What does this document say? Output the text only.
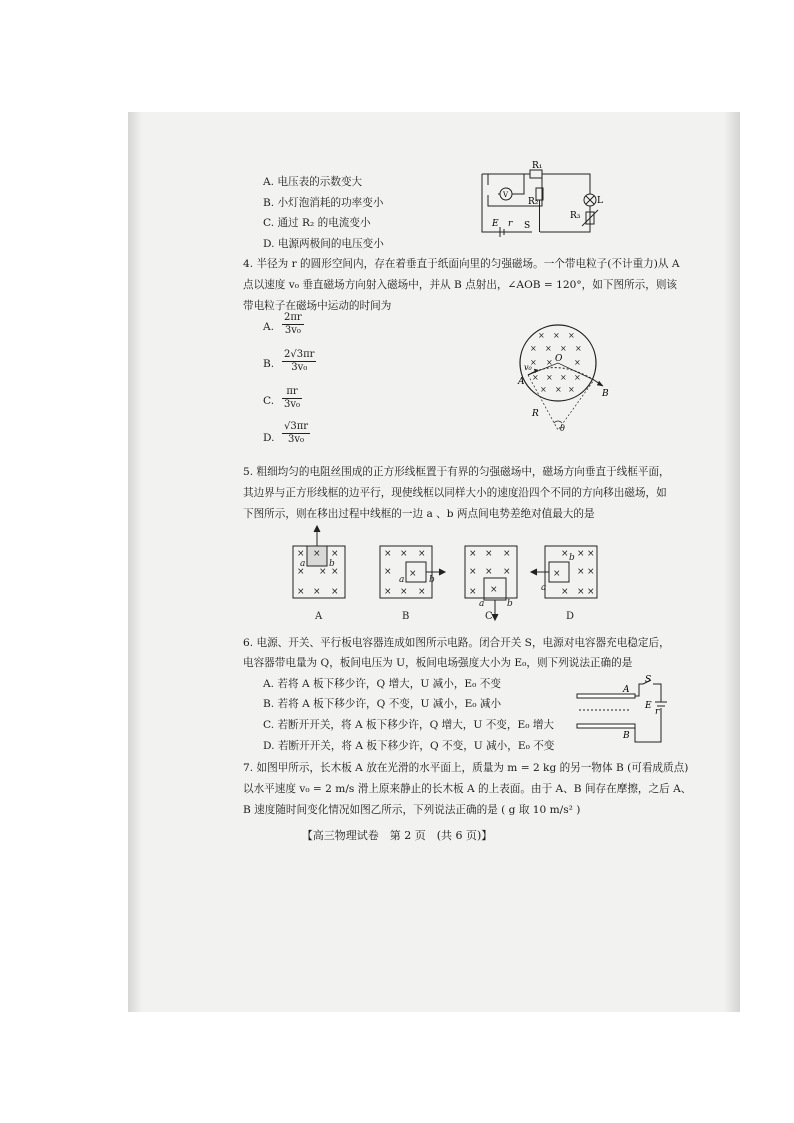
A. 电压表的示数变大
B. 小灯泡消耗的功率变小
C. 通过 R₂ 的电流变小
D. 电源两极间的电压变小
R₁
V
L
R₂
R₃
E r S
4. 半径为 r 的圆形空间内，存在着垂直于纸面向里的匀强磁场。一个带电粒子(不计重力)从 A
点以速度 v₀ 垂直磁场方向射入磁场中，并从 B 点射出，∠AOB = 120°，如下图所示，则该
带电粒子在磁场中运动的时间为
A. $\frac{2\pi r}{\text{3v₀}}$
B. $\frac{2√3\pi r}{\text{3v₀}}$
C. $\frac{\pi r}{\text{3v₀}}$
D. $\frac{√3\pi r}{\text{3v₀}}$
× × ×
× × × ×
× ×	×
× × × ×
× × ×
O
A
B
v₀
R
θ
5. 粗细均匀的电阻丝围成的正方形线框置于有界的匀强磁场中，磁场方向垂直于线框平面，
其边界与正方形线框的边平行，现使线框以同样大小的速度沿四个不同的方向移出磁场，如
下图所示，则在移出过程中线框的一边 a 、b 两点间电势差绝对值最大的是
× × ×
× × ×
× × ×
× × ×
× ×
× × ×
× × ×
× × ×
× ×
× × ×
× × ×
× × ×
a	b
a	b
a	b
a
b
A	B	C	D
6. 电源、开关、平行板电容器连成如图所示电路。闭合开关 S，电源对电容器充电稳定后，
电容器带电量为 Q，板间电压为 U，板间电场强度大小为 E₀，则下列说法正确的是
A. 若将 A 板下移少许，Q 增大，U 减小，E₀ 不变
B. 若将 A 板下移少许，Q 不变，U 减小，E₀ 减小
C. 若断开开关，将 A 板下移少许，Q 增大，U 不变，E₀ 增大
D. 若断开开关，将 A 板下移少许，Q 不变，U 减小，E₀ 不变
S
A
B
E
r
7. 如图甲所示，长木板 A 放在光滑的水平面上，质量为 m = 2 kg 的另一物体 B (可看成质点)
以水平速度 v₀ = 2 m/s 滑上原来静止的长木板 A 的上表面。由于 A、B 间存在摩擦，之后 A、
B 速度随时间变化情况如图乙所示，下列说法正确的是 ( g 取 10 m/s² )
【高三物理试卷　第 2 页　(共 6 页)】
